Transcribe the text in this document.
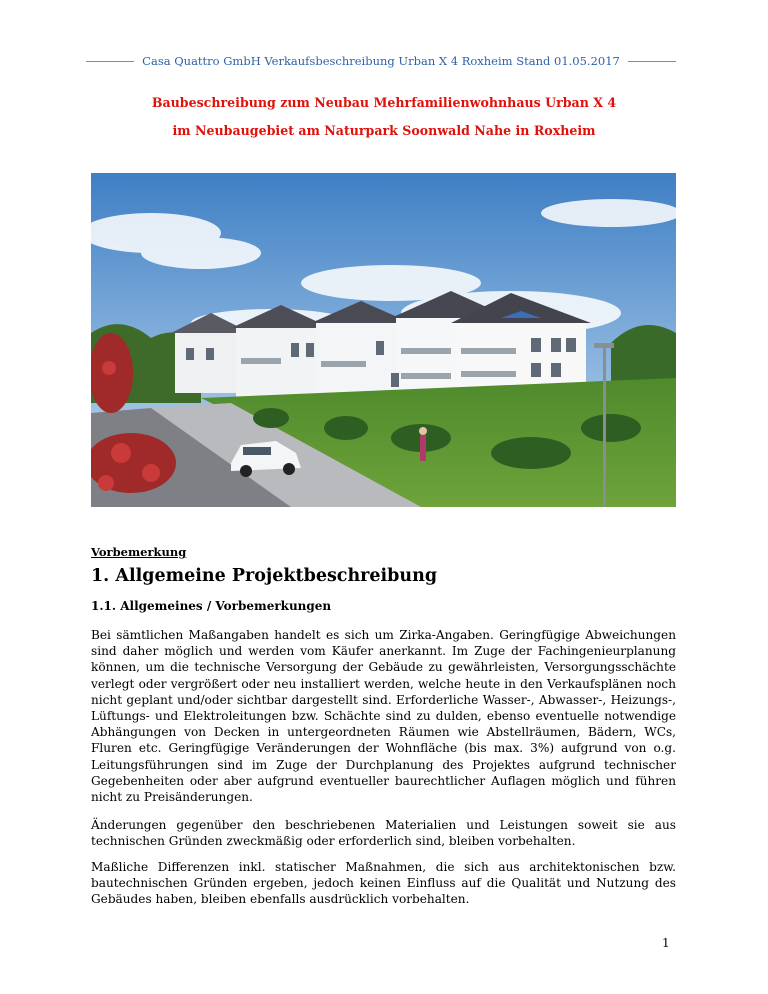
Casa Quattro GmbH Verkaufsbeschreibung Urban X 4 Roxheim Stand 01.05.2017
Baubeschreibung zum Neubau Mehrfamilienwohnhaus Urban X 4
im Neubaugebiet am Naturpark Soonwald Nahe in Roxheim
Vorbemerkung
1. Allgemeine Projektbeschreibung
1.1. Allgemeines / Vorbemerkungen
Bei sämtlichen Maßangaben handelt es sich um Zirka-Angaben. Geringfügige Abweichungen sind daher möglich und werden vom Käufer anerkannt. Im Zuge der Fachingenieurplanung können, um die technische Versorgung der Gebäude zu gewährleisten, Versorgungsschächte verlegt oder vergrößert oder neu installiert werden, welche heute in den Verkaufsplänen noch nicht geplant und/oder sichtbar dargestellt sind. Erforderliche Wasser-, Abwasser-, Heizungs-, Lüftungs- und Elektroleitungen bzw. Schächte sind zu dulden, ebenso eventuelle notwendige Abhängungen von Decken in untergeordneten Räumen wie Abstellräumen, Bädern, WCs, Fluren etc. Geringfügige Veränderungen der Wohnfläche (bis max. 3%) aufgrund von o.g. Leitungsführungen sind im Zuge der Durchplanung des Projektes aufgrund technischer Gegebenheiten oder aber aufgrund eventueller baurechtlicher Auflagen möglich und führen nicht zu Preisänderungen.
Änderungen gegenüber den beschriebenen Materialien und Leistungen soweit sie aus technischen Gründen zweckmäßig oder erforderlich sind, bleiben vorbehalten.
Maßliche Differenzen inkl. statischer Maßnahmen, die sich aus architektonischen bzw. bautechnischen Gründen ergeben, jedoch keinen Einfluss auf die Qualität und Nutzung des Gebäudes haben, bleiben ebenfalls ausdrücklich vorbehalten.
1
